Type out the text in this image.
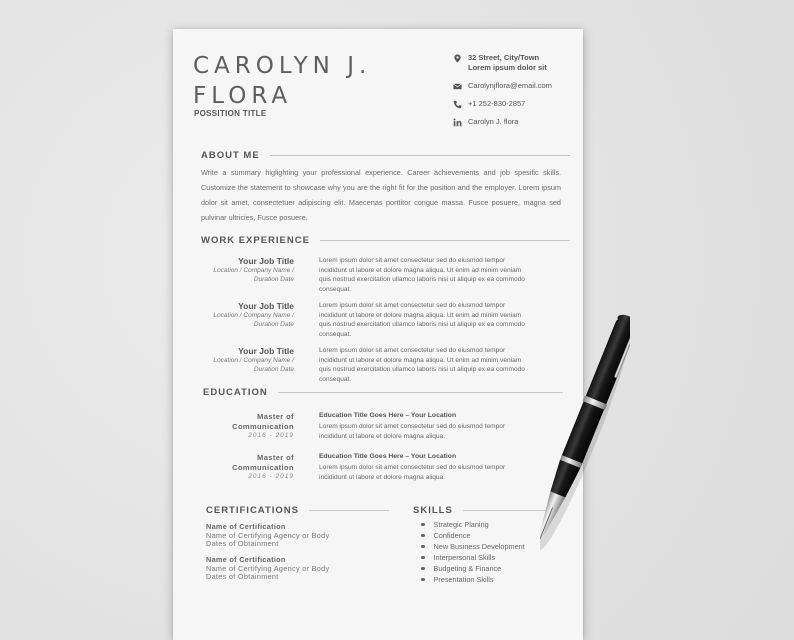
CAROLYN J.
FLORA
POSSITION TITLE
32 Street, City/Town
Lorem ipsum dolor sit
Carolynjflora@email.com
+1 252-830-2857
Carolyn J. flora
ABOUT ME
Write a summary higlighting your professional experience. Career achievements and job spesific skills. Customize the statement to showcase why you are the right fit for the position and the employer. Lorem ipsum dolor sit amet, consectetuer adipiscing elit. Maecenas porttitor congue massa. Fusce posuere, magna sed pulvinar ultricies, Fusce posuere.
WORK EXPERIENCE
Your Job Title
Location / Company Name /
Duration Date
Lorem ipsum dolor sit amet consectetur sed do eiusmod tempor incididunt ut labore et dolore magna aliqua. Ut enim ad minim veniam quis nostrud exercitation ullamco laboris nisi ut aliquip ex ea commodo consequat.
Your Job Title
Location / Company Name /
Duration Date
Lorem ipsum dolor sit amet consectetur sed do eiusmod tempor incididunt ut labore et dolore magna aliqua. Ut enim ad minim veniam quis nostrud exercitation ullamco laboris nisi ut aliquip ex ea commodo consequat.
Your Job Title
Location / Company Name /
Duration Date
Lorem ipsum dolor sit amet consectetur sed do eiusmod tempor incididunt ut labore et dolore magna aliqua. Ut enim ad minim veniam quis nostrud exercitation ullamco laboris nisi ut aliquip ex ea commodo consequat.
EDUCATION
Master of
Communication
2016 - 2019
Education Title Goes Here – Your Location
Lorem ipsum dolor sit amet consectetur sed do eiusmod tempor incididunt ut labore et dolore magna aliqua.
Master of
Communication
2016 - 2019
Education Title Goes Here – Your Location
Lorem ipsum dolor sit amet consectetur sed do eiusmod tempor incididunt ut labore et dolore magna aliqua.
CERTIFICATIONS
Name of Certification
Name of Certifying Agency or Body
Dates of Obtainment
Name of Certification
Name of Certifying Agency or Body
Dates of Obtainment
SKILLS
Strategic Planing
Confidence
New Business Development
Interpersonal Skills
Budgeting & Finance
Presentation Skills
